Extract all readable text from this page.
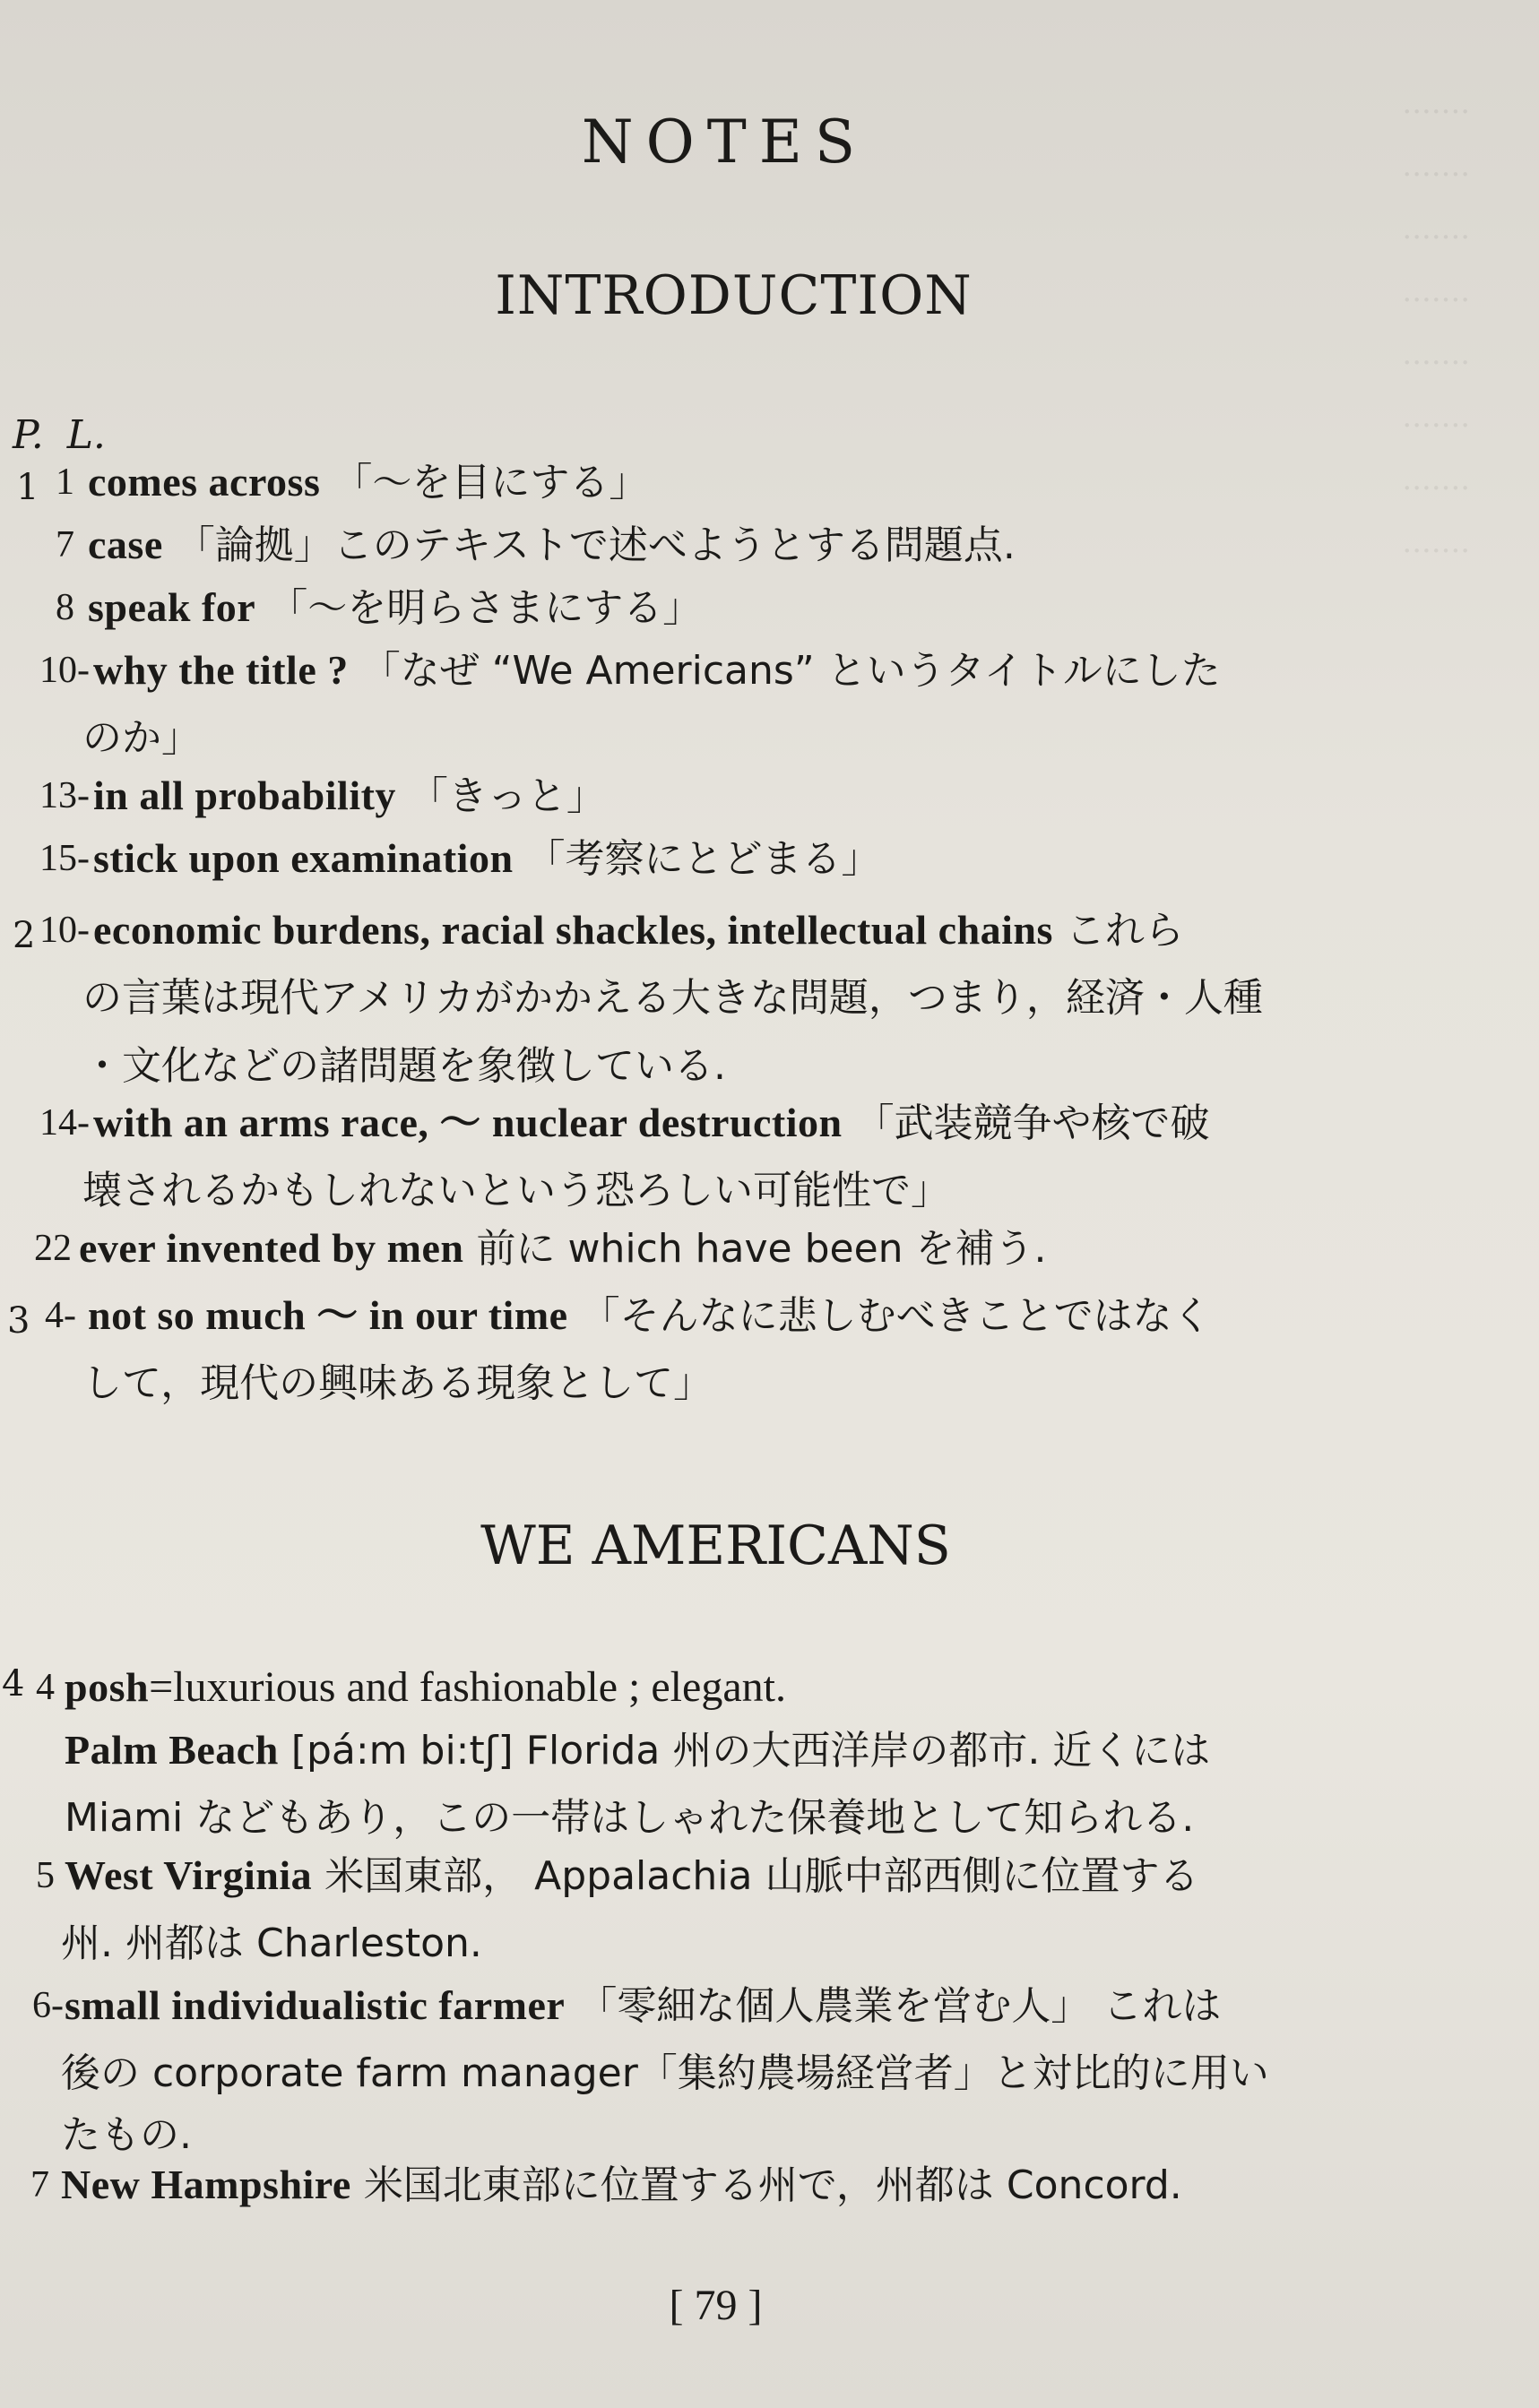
·······
·······
·······
·······
·······
·······
·······
·······
NOTES
INTRODUCTION
P. L.
1 1 comes across 「〜を目にする」
7 case 「論拠」このテキストで述べようとする問題点.
8 speak for 「〜を明らさまにする」
10- why the title ? 「なぜ “We Americans” というタイトルにした
のか」
13- in all probability 「きっと」
15- stick upon examination 「考察にとどまる」
2 10- economic burdens, racial shackles, intellectual chains これら
の言葉は現代アメリカがかかえる大きな問題，つまり，経済・人種
・文化などの諸問題を象徴している.
14- with an arms race, 〜 nuclear destruction 「武装競争や核で破
壊されるかもしれないという恐ろしい可能性で」
22 ever invented by men 前に which have been を補う.
3 4- not so much 〜 in our time 「そんなに悲しむべきことではなく
して，現代の興味ある現象として」
WE AMERICANS
4 4 posh=luxurious and fashionable ; elegant.
Palm Beach [pá:m bi:tʃ] Florida 州の大西洋岸の都市. 近くには
Miami などもあり，この一帯はしゃれた保養地として知られる.
5 West Virginia 米国東部， Appalachia 山脈中部西側に位置する
州. 州都は Charleston.
6- small individualistic farmer 「零細な個人農業を営む人」 これは
後の corporate farm manager「集約農場経営者」と対比的に用い
たもの.
7 New Hampshire 米国北東部に位置する州で，州都は Concord.
[ 79 ]
